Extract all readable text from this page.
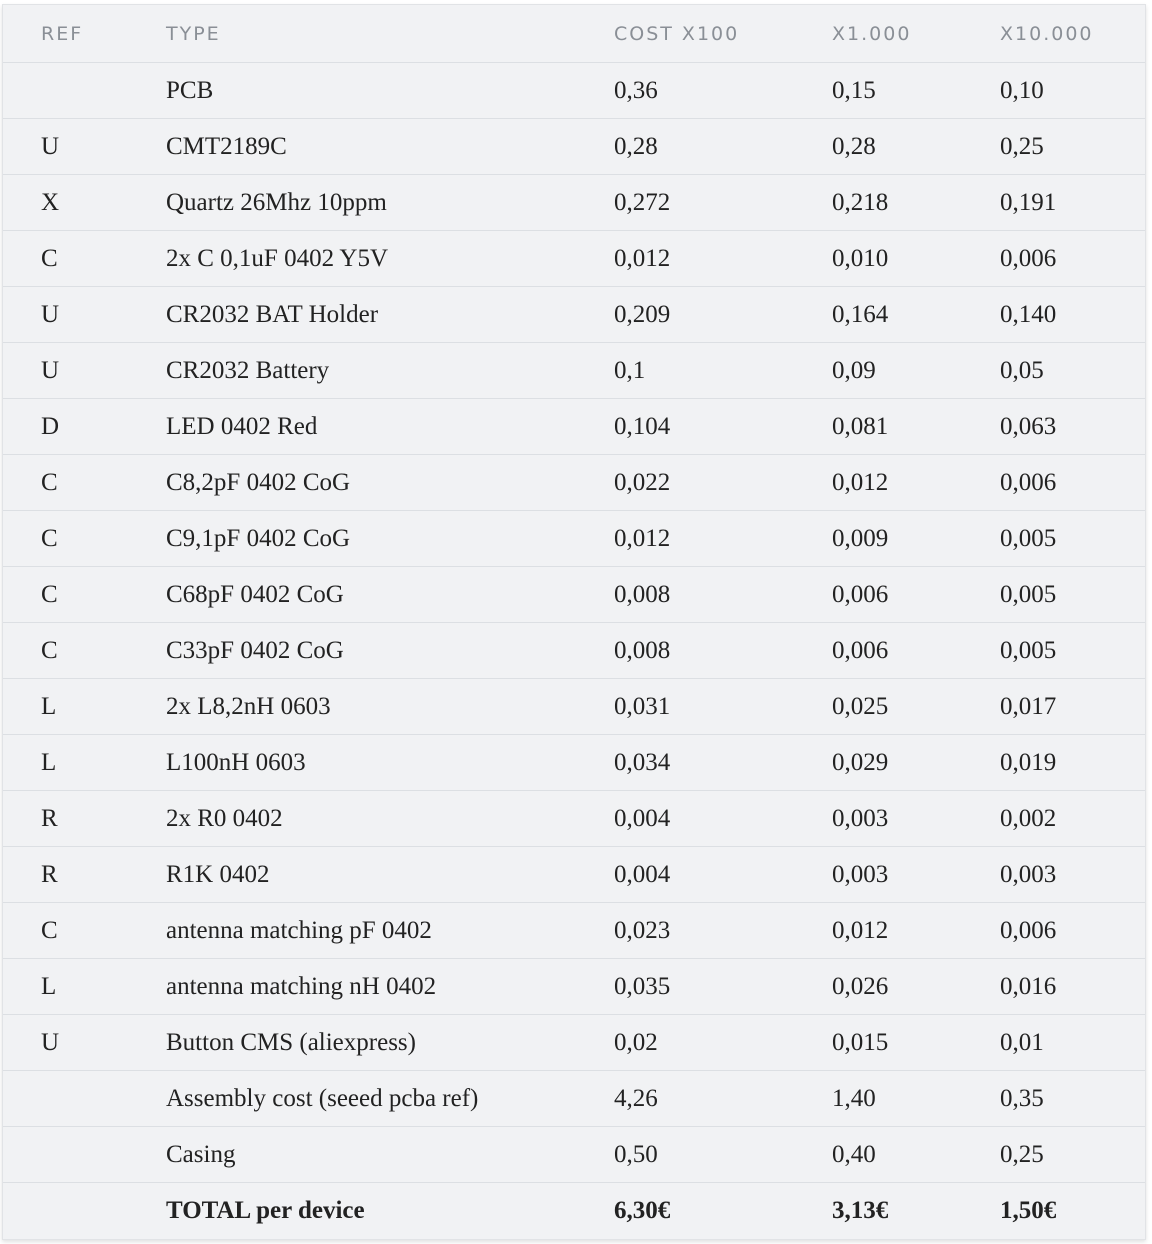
REF	TYPE	COST X100	X1.000	X10.000
	PCB	0,36	0,15	0,10
U	CMT2189C	0,28	0,28	0,25
X	Quartz 26Mhz 10ppm	0,272	0,218	0,191
C	2x C 0,1uF 0402 Y5V	0,012	0,010	0,006
U	CR2032 BAT Holder	0,209	0,164	0,140
U	CR2032 Battery	0,1	0,09	0,05
D	LED 0402 Red	0,104	0,081	0,063
C	C8,2pF 0402 CoG	0,022	0,012	0,006
C	C9,1pF 0402 CoG	0,012	0,009	0,005
C	C68pF 0402 CoG	0,008	0,006	0,005
C	C33pF 0402 CoG	0,008	0,006	0,005
L	2x L8,2nH 0603	0,031	0,025	0,017
L	L100nH 0603	0,034	0,029	0,019
R	2x R0 0402	0,004	0,003	0,002
R	R1K 0402	0,004	0,003	0,003
C	antenna matching pF 0402	0,023	0,012	0,006
L	antenna matching nH 0402	0,035	0,026	0,016
U	Button CMS (aliexpress)	0,02	0,015	0,01
	Assembly cost (seeed pcba ref)	4,26	1,40	0,35
	Casing	0,50	0,40	0,25
	TOTAL per device	6,30€	3,13€	1,50€
